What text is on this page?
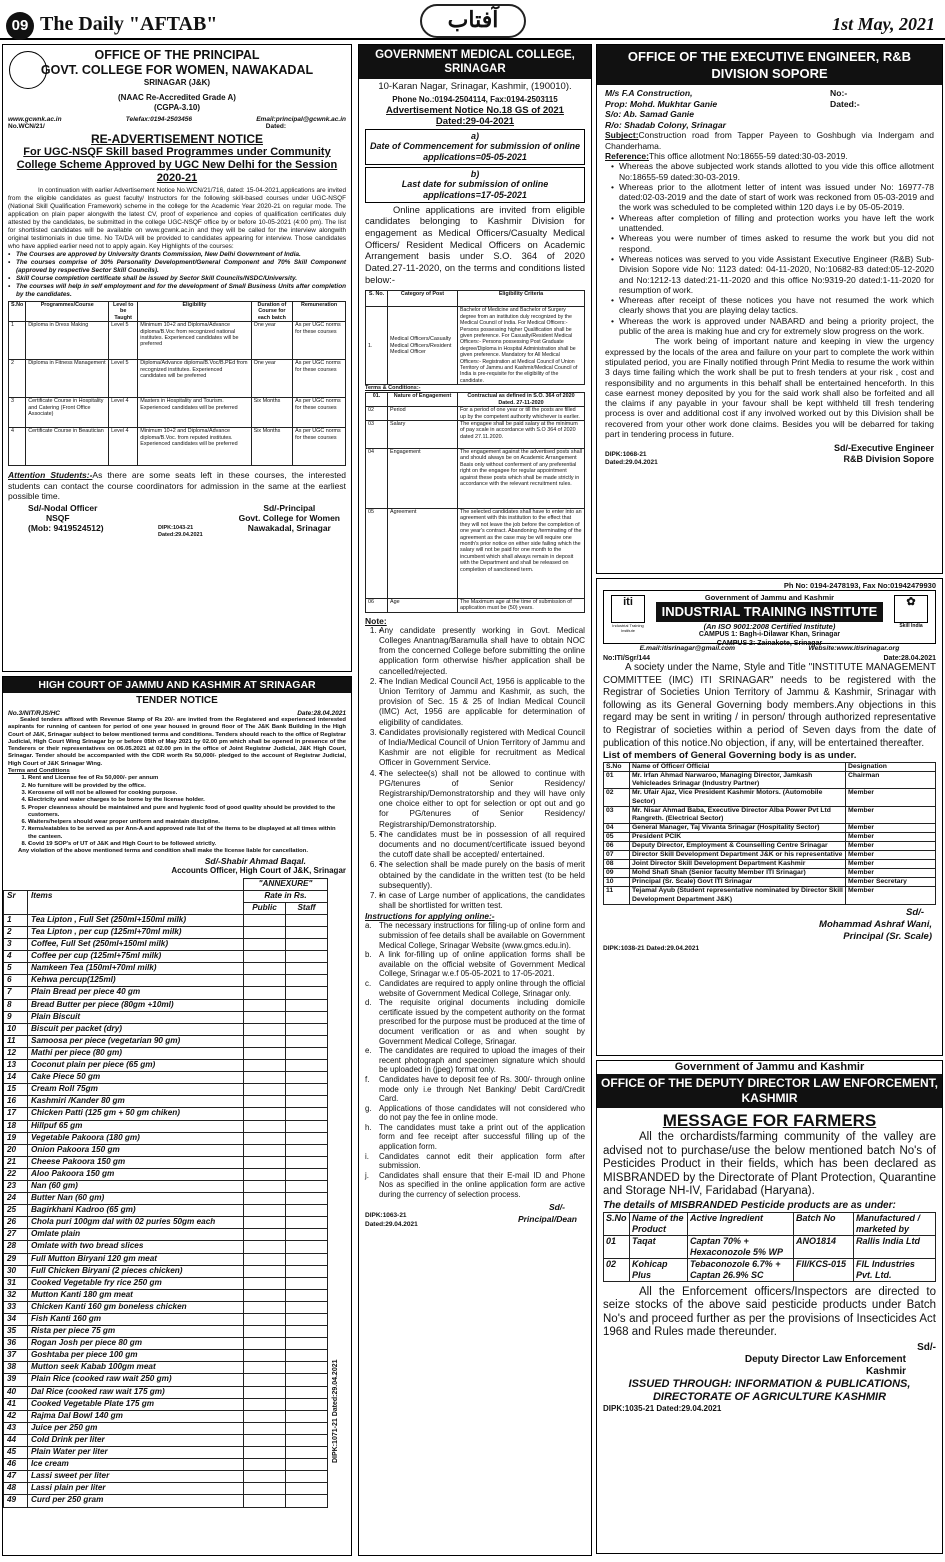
09 The Daily "AFTAB"	آفتاب	1st May, 2021
OFFICE OF THE PRINCIPAL
GOVT. COLLEGE FOR WOMEN, NAWAKADAL
SRINAGAR (J&K)
(NAAC Re-Accredited Grade A)
(CGPA-3.10)
www.gcwnk.ac.in	Telefax:0194-2503456	Email:principal@gcwnk.ac.in
No.WCN/21/	Dated:
RE-ADVERTISEMENT NOTICE
For UGC-NSQF Skill based Programmes under Community College Scheme Approved by UGC New Delhi for the Session 2020-21
In continuation with earlier Advertisement Notice No.WCN/21/716, dated: 15-04-2021,applications are invited from the eligible candidates as guest faculty/ Instructors for the following skill-based courses under UGC-NSQF (National Skill Qualification Framework) scheme in the college for the Academic Year 2020-21 on regular mode. The application on plain paper alongwith the latest CV, proof of experience and copies of qualification certificates duly attested by the candidates, be submitted in the college UGC-NSQF office by or before 10-05-2021 (4:00 pm). The list for shortlisted candidates will be available on www.gcwnk.ac.in and they will be called for the interview alongwith original testimonials in due time. No TA/DA will be provided to candidates appearing for interview. Those candidates who have applied earlier need not to apply again. Key Highlights of the courses:
• The Courses are approved by University Grants Commission, New Delhi Government of India.
• The courses comprise of 30% Personality Development/General Component and 70% Skill Component (approved by respective Sector Skill Councils).
• Skill Course completion certificate shall be issued by Sector Skill Councils/NSDC/University.
• The courses will help in self employment and for the development of Small Business Units after completion by the candidates.
S.No	Programmes/Course	Level to be Taught	Eligibility	Duration of Course for each batch	Remuneration
1	Diploma in Dress Making	Level 5	Minimum 10+2 and Diploma/Advance diploma/B.Voc from recognized national institutes. Experienced candidates will be preferred	One year	As per UGC norms for these courses
2	Diploma in Fitness Management	Level 5	Diploma/Advance diploma/B.Voc/B.PEd from recognized institutes. Experienced candidates will be preferred	One year	As per UGC norms for these courses
3	Certificate Course in Hospitality and Catering (Front Office Associate)	Level 4	Masters in Hospitality and Tourism. Experienced candidates will be preferred	Six Months	As per UGC norms for these courses
4	Certificate Course in Beautician	Level 4	Minimum 10+2 and Diploma/Advance diploma/B.Voc. from reputed institutes. Experienced candidates will be preferred	Six Months	As per UGC norms for these courses
Attention Students:-As there are some seats left in these courses, the interested students can contact the course coordinators for admission in the same at the earliest possible time.
Sd/-Nodal Officer
NSQF
(Mob: 9419524512)	DIPK:1043-21
Dated:29.04.2021
Sd/-Principal
Govt. College for Women
Nawakadal, Srinagar
HIGH COURT OF JAMMU AND KASHMIR AT SRINAGAR
TENDER NOTICE
No.3/NIT/RJS/HC	Date:28.04.2021
Sealed tenders affixed with Revenue Stamp of Rs 20/- are invited from the Registered and experienced interested aspirants for running of canteen for period of one year housed in ground floor of The J&K Bank Building in the High Court of J&K, Srinagar subject to below mentioned terms and conditions. Tenders should reach to the office of Registrar Judicial, High Court Wing Srinagar by or before 05th of May 2021 by 02.00 pm which shall be opened in presence of the Tenderers or their representatives on 06.05.2021 at 02.00 pm in the office of Joint Registrar Judicial, J&K High Court, Srinagar. Tender should be accompanied with the CDR worth Rs 50,000/- pledged to the account of Registrar Judicial, High Court of J&K Srinagar Wing.
Terms and Conditions
• 1. Rent and License fee of Rs 50,000/- per annum
• 2. No furniture will be provided by the office.
• 3. Kerosene oil will not be allowed for cooking purpose.
• 4. Electricity and water charges to be borne by the license holder.
• 5. Proper cleanness should be maintained and pure and hygienic food of good quality should be provided to the customers.
• 6. Waiters/helpers should wear proper uniform and maintain discipline.
• 7. Items/eatables to be served as per Ann-A and approved rate list of the items to be displayed at all times within the canteen.
• 8. Covid 19 SOP's of UT of J&K and High Court to be followed strictly.
Any violation of the above mentioned terms and condition shall make the license liable for cancellation.
Sd/-Shabir Ahmad Baqal.
Accounts Officer, High Court of J&K, Srinagar
		"ANNEXURE"	
Sr	Items	Rate in Rs.	
		Public	Staff
1	Tea Lipton , Full Set (250ml+150ml milk)		
2	Tea Lipton , per cup (125ml+70ml milk)		
3	Coffee, Full Set (250ml+150ml milk)		
4	Coffee per cup (125ml+75ml milk)		
5	Namkeen Tea (150ml+70ml milk)		
6	Kehwa percup(125ml)		
7	Plain Bread per piece 40 gm		
8	Bread Butter per piece (80gm +10ml)		
9	Plain Biscuit		
10	Biscuit per packet (dry)		
11	Samoosa per piece (vegetarian 90 gm)		
12	Mathi per piece (80 gm)		
13	Coconut plain per piece (65 gm)		
14	Cake Piece 50 gm		
15	Cream Roll 75gm		
16	Kashmiri /Kander 80 gm		
17	Chicken Patti (125 gm + 50 gm chiken)		
18	Hillpuf 65 gm		
19	Vegetable Pakoora (180 gm)		
20	Onion Pakoora 150 gm		
21	Cheese Pakoora 150 gm		
22	Aloo Pakoora 150 gm		
23	Nan (60 gm)		
24	Butter Nan (60 gm)		
25	Bagirkhani Kadroo (65 gm)		
26	Chola puri 100gm dal with 02 puries 50gm each		
27	Omlate plain		
28	Omlate with two bread slices		
29	Full Mutton Biryani 120 gm meat		
30	Full Chicken Biryani (2 pieces chicken)		
31	Cooked Vegetable fry rice 250 gm		
32	Mutton Kanti 180 gm meat		
33	Chicken Kanti 160 gm boneless chicken		
34	Fish Kanti 160 gm		
35	Rista per piece 75 gm		
36	Rogan Josh per piece 80 gm		
37	Goshtaba per piece 100 gm		
38	Mutton seek Kabab 100gm meat		
39	Plain Rice (cooked raw wait 250 gm)		
40	Dal Rice (cooked raw wait 175 gm)		
41	Cooked Vegetable Plate 175 gm		
42	Rajma Dal Bowl 140 gm		
43	Juice per 250 gm		
44	Cold Drink per liter		
45	Plain Water per liter		
46	Ice cream		
47	Lassi sweet per liter		
48	Lassi plain per liter		
49	Curd per 250 gram		
DIPK:1071-21 Dated:29.04.2021
GOVERNMENT MEDICAL COLLEGE, SRINAGAR
10-Karan Nagar, Srinagar, Kashmir, (190010).
Phone No.:0194-2504114, Fax:0194-2503115
Advertisement Notice No.18 GS of 2021
Dated:29-04-2021
a)
Date of Commencement for submission of online applications=05-05-2021
b)
Last date for submission of online applications=17-05-2021
Online applications are invited from eligible candidates belonging to Kashmir Division for engagement as Medical Officers/Casualty Medical Officers/ Resident Medical Officers on Academic Arrangement basis under S.O. 364 of 2020 Dated.27-11-2020, on the terms and conditions listed below:-
S. No.	Category of Post	Eligibility Criteria
1.	Medical Officers/Casualty Medical Officers/Resident Medical Officer	Bachelor of Medicine and Bachelor of Surgery degree from an institution duly recognized by the Medical Council of India. For Medical Officers:- Persons possessing higher Qualification shall be given preference. For Casualty/Resident Medical Officers:- Persons possessing Post Graduate degree/Diploma in Hospital Administration shall be given preference. Mandatory for All Medical Officers:- Registration at Medical Council of Union Territory of Jammu and Kashmir/Medical Council of India is pre-requisite for the eligibility of the candidate.
Terms & Conditions:-
01.	Nature of Engagement	Contractual as defined in S.O. 364 of 2020 Dated. 27-11-2020
02	Period	For a period of one year or till the posts are filled up by the competent authority whichever is earlier.
03	Salary	The engagee shall be paid salary at the minimum of pay scale in accordance with S.O 364 of 2020 dated 27.11.2020.
04	Engagement	The engagement against the advertised posts shall and should always be on Academic Arrangement Basis only without conferment of any preferential right on the engagee for regular appointment against these posts which shall be made strictly in accordance with the relevant recruitment rules.
05	Agreement	The selected candidates shall have to enter into an agreement with this institution to the effect that they will not leave the job before the completion of one year's contract. Abandoning /terminating of the agreement as the case may be will require one month's prior notice on either side failing which the salary will not be paid for one month to the incumbent which shall always remain in deposit with the Department and shall be released on completion of sanctioned term.
06	Age	The Maximum age at the time of submission of application must be (50) years.
Note:
• 1. Any candidate presently working in Govt. Medical Colleges Anantnag/Baramulla shall have to obtain NOC from the concerned College before submitting the online application form otherwise his/her application shall be cancelled/rejected.
• 2. The Indian Medical Council Act, 1956 is applicable to the Union Territory of Jammu and Kashmir, as such, the provision of Sec. 15 & 25 of Indian Medical Council (IMC) Act, 1956 are applicable for determination of eligibility of candidates.
• 3. Candidates provisionally registered with Medical Council of India/Medical Council of Union Territory of Jammu and Kashmir are not eligible for recruitment as Medical Officer in Government Service.
• 4. The selectee(s) shall not be allowed to continue with PG/tenures of Senior Residency/ Registrarship/Demonstratorship and they will have only one choice either to opt for selection or opt out and go for PG/tenures of Senior Residency/ Registrarship/Demonstratorship.
• 5. The candidates must be in possession of all required documents and no document/certificate issued beyond the cutoff date shall be accepted/ entertained.
• 6. The selection shall be made purely on the basis of merit obtained by the candidate in the written test (to be held subsequently).
• 7. In case of Large number of applications, the candidates shall be shortlisted for written test.
Instructions for applying online:-
a. The necessary instructions for filling-up of online form and submission of fee details shall be available on Government Medical College, Srinagar Website (www.gmcs.edu.in).
b. A link for-filling up of online application forms shall be available on the official website of Government Medical College, Srinagar w.e.f 05-05-2021 to 17-05-2021.
c. Candidates are required to apply online through the official website of Government Medical College, Srinagar only.
d. The requisite original documents including domicile certificate issued by the competent authority on the format prescribed for the purpose must be produced at the time of document verification or as and when sought by Government Medical College, Srinagar.
e. The candidates are required to upload the images of their recent photograph and specimen signature which should be uploaded in (jpeg) format only.
f.	Candidates have to deposit fee of Rs. 300/- through online mode only i.e through Net Banking/ Debit Card/Credit Card.
g. Applications of those candidates will not considered who do not pay the fee in online mode.
h. The candidates must take a print out of the application form and fee receipt after successful filling up of the application form.
i.	Candidates cannot edit their application form after submission.
j.	Candidates shall ensure that their E-mail ID and Phone Nos as specified in the online application form are active during the currency of selection process.
Sd/-
Principal/Dean
DIPK:1063-21
Dated:29.04.2021
OFFICE OF THE EXECUTIVE ENGINEER, R&B DIVISION SOPORE
M/s F.A Construction,
Prop: Mohd. Mukhtar Ganie
S/o: Ab. Samad Ganie
R/o: Shadab Colony, Srinagar
No:-
Dated:-
Subject:Construction road from Tapper Payeen to Goshbugh via Indergam and Chanderhama.
Reference:This office allotment No:18655-59 dated:30-03-2019.
• Whereas the above subjected work stands allotted to you vide this office allotment No:18655-59 dated:30-03-2019.
• Whereas prior to the allotment letter of intent was issued under No: 16977-78 dated:02-03-2019 and the date of start of work was reckoned from 05-03-2019 and the work was scheduled to be completed within 120 days i.e by 05-05-2019.
• Whereas after completion of filling and protection works you have left the work unattended.
• Whereas you were number of times asked to resume the work but you did not respond.
• Whereas notices was served to you vide Assistant Executive Engineer (R&B) Sub-Division Sopore vide No: 1123 dated: 04-11-2020, No:10682-83 dated:05-12-2020 and No:1212-13 dated:21-11-2020 and this office No:9319-20 dated:1-11-2020 for resumption of work.
• Whereas after receipt of these notices you have not resumed the work which clearly shows that you are playing delay tactics.
• Whereas the work is approved under NABARD and being a priority project, the public of the area is making hue and cry for extremely slow progress on the work.
The work being of important nature and keeping in view the urgency expressed by the locals of the area and failure on your part to complete the work within stipulated period, you are Finally notified through Print Media to resume the work within 3 days time failing which the work shall be put to fresh tenders at your risk , cost and responsibility and no arguments in this behalf shall be entertained henceforth. In this case earnest money deposited by you for the said work shall also be forfeited and all the claims if any payable in your favour shall be kept withheld till fresh tendering process is over and additional cost if any involved worked out by this Division shall be recovered from your other work done claims. Besides you will be debarred for taking part in tendering process in future.
Sd/-Executive Engineer
R&B Division Sopore
DIPK:1068-21
Dated:29.04.2021
Ph No: 0194-2478193, Fax No:01942479930
iti
Industrial Training Institute
Government of Jammu and Kashmir
INDUSTRIAL TRAINING INSTITUTE
(An ISO 9001:2008 Certified Institute)
CAMPUS 1: Bagh-i-Dilawar Khan, Srinagar
CAMPUS 2: Zainakote, Srinagar
✿
Skill India
E.mail:itisrinagar@gmail.com	Website:www.itisrinagar.org
No:ITI/Sgr/144	Date:28.04.2021
A society under the Name, Style and Title "INSTITUTE MANAGEMENT COMMITTEE (IMC) ITI SRINAGAR" needs to be registered with the Registrar of Societies Union Territory of Jammu & Kashmir, Srinagar with following as its General Governing body members.Any objections in this regard may be sent in writing / in person/ through authorized representative to Registrar of societies within a period of Seven days from the date of publication of this notice.No objection, if any, will be entertained thereafter.
List of members of General Governing body is as under.
S.No	Name of Officer/ Official	Designation
01	Mr. Irfan Ahmad Narwaroo, Managing Director, Jamkash Vehicleades Srinagar (Industry Partner)	Chairman
02	Mr. Ufair Ajaz, Vice President Kashmir Motors. (Automobile Sector)	Member
03	Mr. Nisar Ahmad Baba, Executive Director Alba Power Pvt Ltd Rangreth. (Electrical Sector)	Member
04	General Manager, Taj Vivanta Srinagar (Hospitality Sector)	Member
05	President PCIK	Member
06	Deputy Director, Employment & Counselling Centre Srinagar	Member
07	Director Skill Development Department J&K or his representative	Member
08	Joint Director Skill Development Department Kashmir	Member
09	Mohd Shafi Shah (Senior faculty Member ITI Srinagar)	Member
10	Principal (Sr. Scale) Govt ITI Srinagar	Member Secretary
11	Tejamal Ayub (Student representative nominated by Director Skill Development Department J&K)	Member
Sd/-
Mohammad Ashraf Wani,
Principal (Sr. Scale)
DIPK:1038-21 Dated:29.04.2021
Government of Jammu and Kashmir
OFFICE OF THE DEPUTY DIRECTOR LAW ENFORCEMENT, KASHMIR
MESSAGE FOR FARMERS
All the orchardists/farming community of the valley are advised not to purchase/use the below mentioned batch No's of Pesticides Product in their fields, which has been declared as MISBRANDED by the Directorate of Plant Protection, Quarantine and Storage NH-IV, Faridabad (Haryana).
The details of MISBRANDED Pesticide products are as under:
S.No	Name of the Product	Active Ingredient	Batch No	Manufactured / marketed by
01	Taqat	Captan 70% + Hexaconozole 5% WP	ANO1814	Rallis India Ltd
02	Kohicap Plus	Tebaconozole 6.7% + Captan 26.9% SC	FII/KCS-015	FIL Industries Pvt. Ltd.
All the Enforcement officers/Inspectors are directed to seize stocks of the above said pesticide products under Batch No's and proceed further as per the provisions of Insecticides Act 1968 and Rules made thereunder.
Sd/-
Deputy Director Law Enforcement
Kashmir
ISSUED THROUGH: INFORMATION & PUBLICATIONS, DIRECTORATE OF AGRICULTURE KASHMIR
DIPK:1035-21 Dated:29.04.2021
